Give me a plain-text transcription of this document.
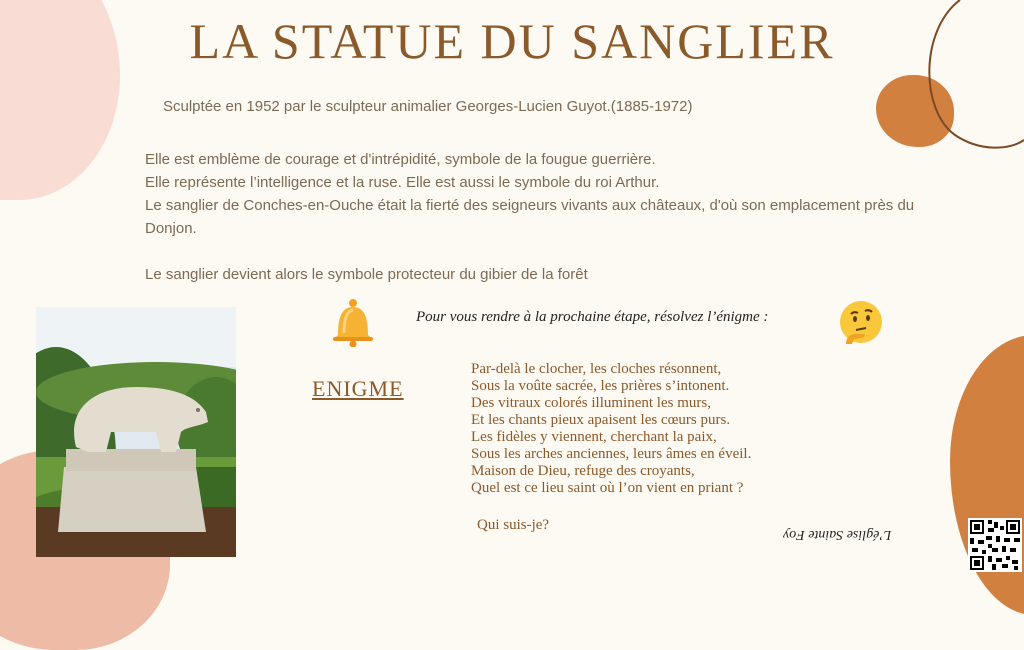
LA STATUE DU SANGLIER
Sculptée en 1952 par le sculpteur animalier Georges-Lucien Guyot.(1885-1972)

Elle est emblème de courage et d'intrépidité, symbole de la fougue guerrière.

Elle représente l’intelligence et la ruse. Elle est aussi le symbole du roi Arthur.

Le sanglier de Conches-en-Ouche était la fierté des seigneurs vivants aux châteaux, d'où son emplacement près du Donjon.

Le sanglier devient alors le symbole protecteur du gibier de la forêt

Pour vous rendre à la prochaine étape, résolvez l’énigme :
ENIGME
Par-delà le clocher, les cloches résonnent,
Sous la voûte sacrée, les prières s’intonent.
Des vitraux colorés illuminent les murs,
Et les chants pieux apaisent les cœurs purs.
Les fidèles y viennent, cherchant la paix,
Sous les arches anciennes, leurs âmes en éveil.
Maison de Dieu, refuge des croyants,
Quel est ce lieu saint où l’on vient en priant ?
Qui suis-je?
L’église Sainte Foy
